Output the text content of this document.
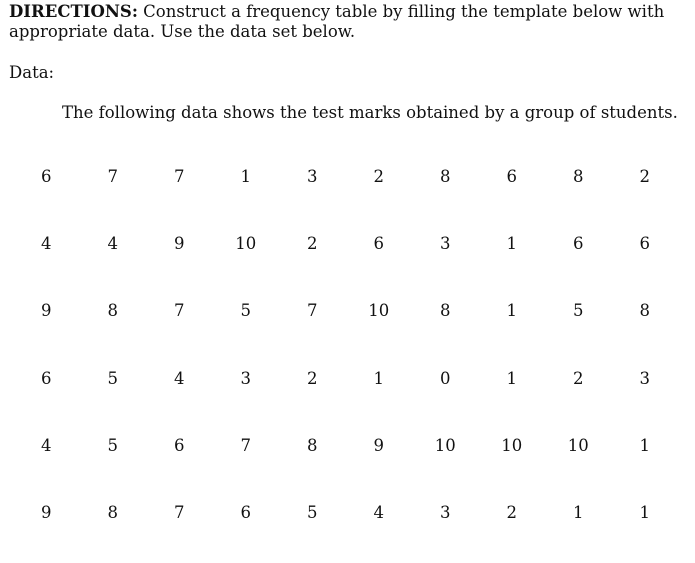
DIRECTIONS: Construct a frequency table by filling the template below with appropriate data. Use the data set below.
Data:
The following data shows the test marks obtained by a group of students.
6	7	7	1	3	2	8	6	8	2
4	4	9	10	2	6	3	1	6	6
9	8	7	5	7	10	8	1	5	8
6	5	4	3	2	1	0	1	2	3
4	5	6	7	8	9	10	10	10	1
9	8	7	6	5	4	3	2	1	1
